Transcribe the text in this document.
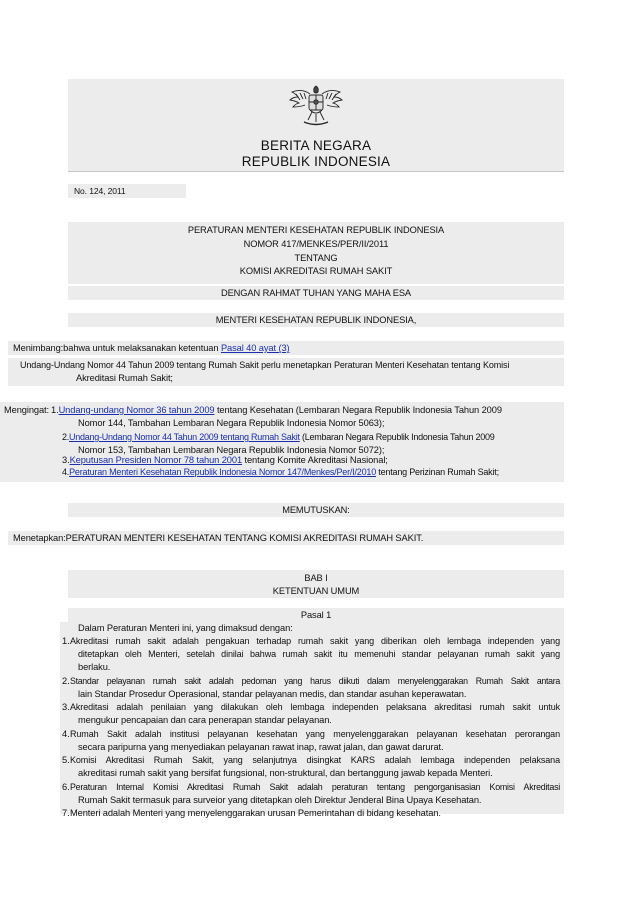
BERITA NEGARA
REPUBLIK INDONESIA
No. 124, 2011
PERATURAN MENTERI KESEHATAN REPUBLIK INDONESIA
NOMOR 417/MENKES/PER/II/2011
TENTANG
KOMISI AKREDITASI RUMAH SAKIT
DENGAN RAHMAT TUHAN YANG MAHA ESA
MENTERI KESEHATAN REPUBLIK INDONESIA,
Menimbang:bahwa untuk melaksanakan ketentuan Pasal 40 ayat (3)
Undang-Undang Nomor 44 Tahun 2009 tentang Rumah Sakit perlu menetapkan Peraturan Menteri Kesehatan tentang Komisi
Akreditasi Rumah Sakit;
Mengingat: 1.Undang-undang Nomor 36 tahun 2009 tentang Kesehatan (Lembaran Negara Republik Indonesia Tahun 2009
Nomor 144, Tambahan Lembaran Negara Republik Indonesia Nomor 5063);
2.Undang-Undang Nomor 44 Tahun 2009 tentang Rumah Sakit (Lembaran Negara Republik Indonesia Tahun 2009
Nomor 153, Tambahan Lembaran Negara Republik Indonesia Nomor 5072);
3.Keputusan Presiden Nomor 78 tahun 2001 tentang Komite Akreditasi Nasional;
4.Peraturan Menteri Kesehatan Republik Indonesia Nomor 147/Menkes/Per/I/2010 tentang Perizinan Rumah Sakit;
MEMUTUSKAN:
Menetapkan:PERATURAN MENTERI KESEHATAN TENTANG KOMISI AKREDITASI RUMAH SAKIT.
BAB I
KETENTUAN UMUM
Pasal 1
Dalam Peraturan Menteri ini, yang dimaksud dengan:
1. Akreditasi rumah sakit adalah pengakuan terhadap rumah sakit yang diberikan oleh lembaga independen yang
ditetapkan oleh Menteri, setelah dinilai bahwa rumah sakit itu memenuhi standar pelayanan rumah sakit yang
berlaku.
2. Standar pelayanan rumah sakit adalah pedoman yang harus diikuti dalam menyelenggarakan Rumah Sakit antara
lain Standar Prosedur Operasional, standar pelayanan medis, dan standar asuhan keperawatan.
3. Akreditasi adalah penilaian yang dilakukan oleh lembaga independen pelaksana akreditasi rumah sakit untuk
mengukur pencapaian dan cara penerapan standar pelayanan.
4. Rumah Sakit adalah institusi pelayanan kesehatan yang menyelenggarakan pelayanan kesehatan perorangan
secara paripurna yang menyediakan pelayanan rawat inap, rawat jalan, dan gawat darurat.
5. Komisi Akreditasi Rumah Sakit, yang selanjutnya disingkat KARS adalah lembaga independen pelaksana
akreditasi rumah sakit yang bersifat fungsional, non-struktural, dan bertanggung jawab kepada Menteri.
6. Peraturan Internal Komisi Akreditasi Rumah Sakit adalah peraturan tentang pengorganisasian Komisi Akreditasi
Rumah Sakit termasuk para surveior yang ditetapkan oleh Direktur Jenderal Bina Upaya Kesehatan.
7. Menteri adalah Menteri yang menyelenggarakan urusan Pemerintahan di bidang kesehatan.
